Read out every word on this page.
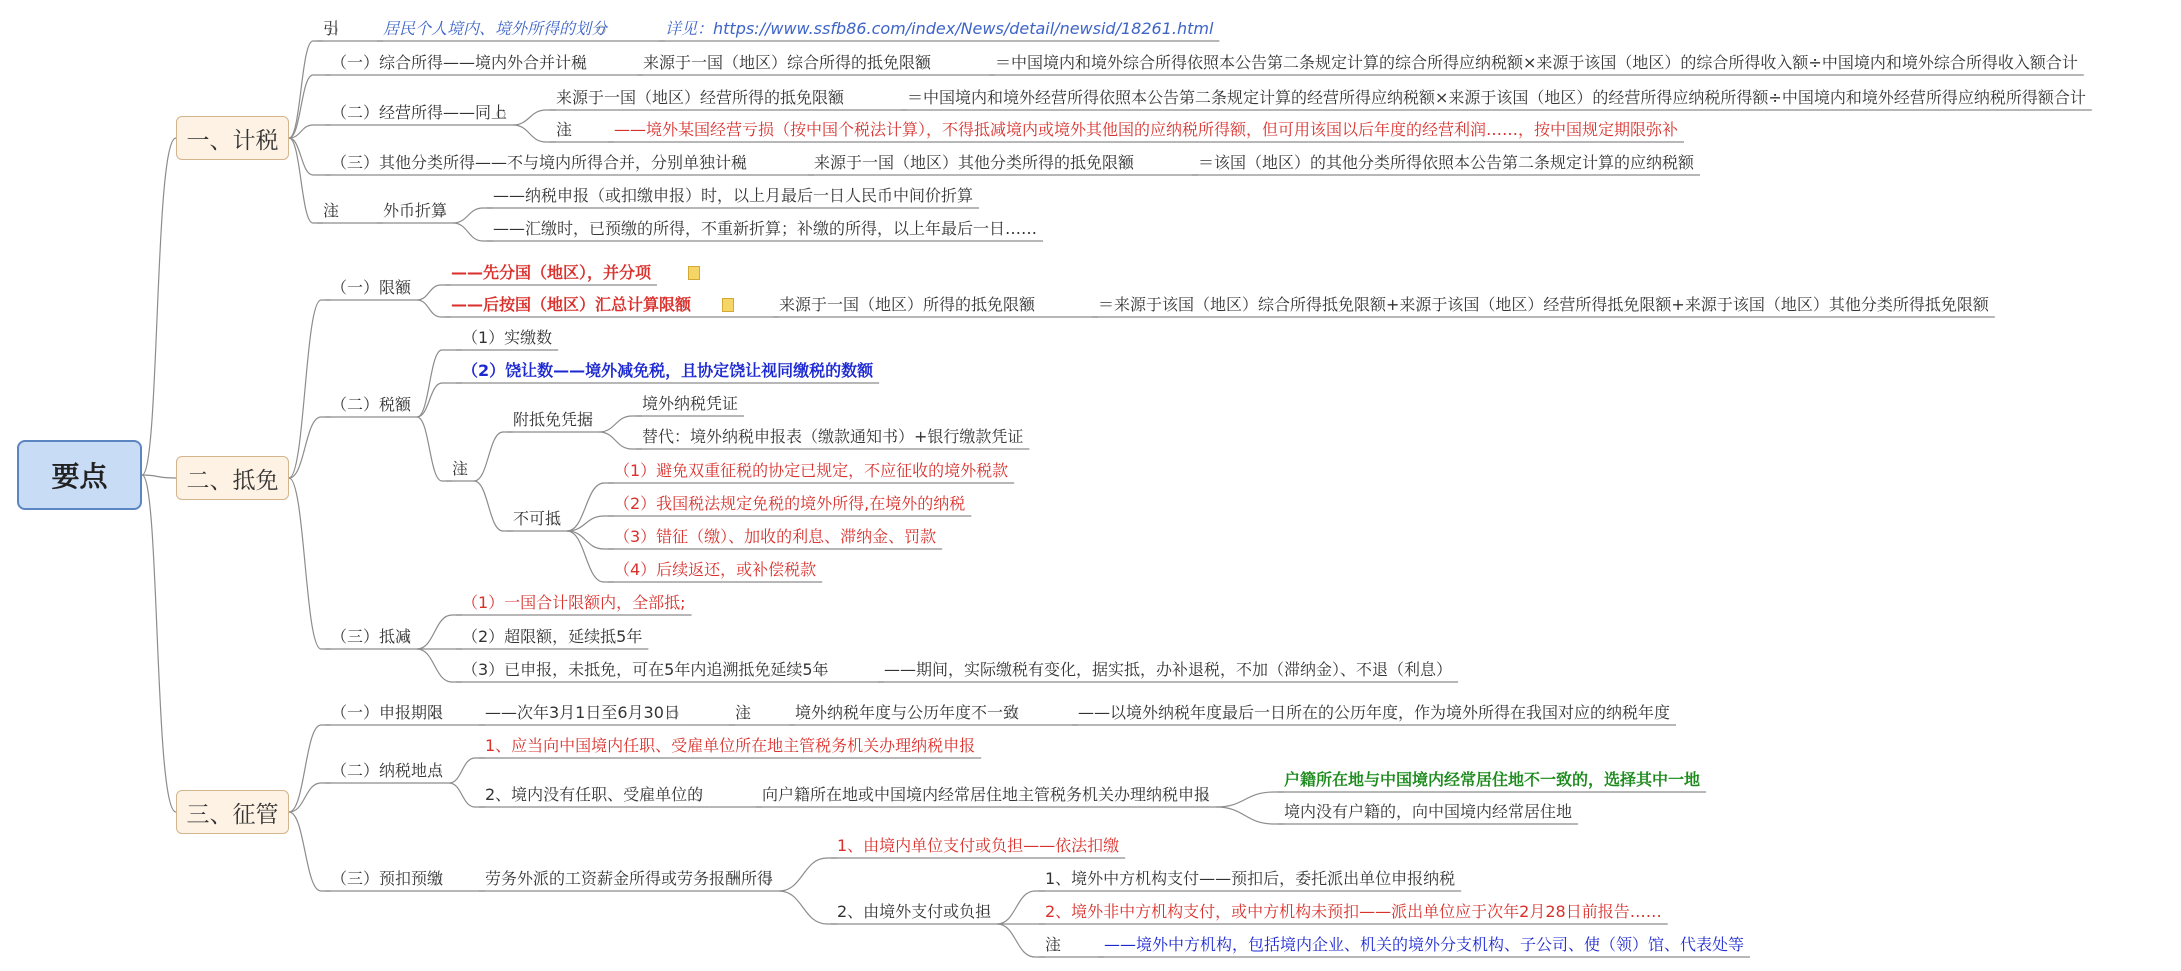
要点
一、计税
引	居民个人境内、境外所得的划分	详见：https://www.ssfb86.com/index/News/detail/newsid/18261.html
（一）综合所得——境内外合并计税	来源于一国（地区）综合所得的抵免限额	＝中国境内和境外综合所得依照本公告第二条规定计算的综合所得应纳税额×来源于该国（地区）的综合所得收入额÷中国境内和境外综合所得收入额合计
（二）经营所得——同上
来源于一国（地区）经营所得的抵免限额	＝中国境内和境外经营所得依照本公告第二条规定计算的经营所得应纳税额×来源于该国（地区）的经营所得应纳税所得额÷中国境内和境外经营所得应纳税所得额合计
注	——境外某国经营亏损（按中国个税法计算），不得抵减境内或境外其他国的应纳税所得额，但可用该国以后年度的经营利润……，按中国规定期限弥补
（三）其他分类所得——不与境内所得合并，分别单独计税	来源于一国（地区）其他分类所得的抵免限额	＝该国（地区）的其他分类所得依照本公告第二条规定计算的应纳税额
注	外币折算
——纳税申报（或扣缴申报）时，以上月最后一日人民币中间价折算
——汇缴时，已预缴的所得，不重新折算；补缴的所得，以上年最后一日……
二、抵免
（一）限额
——先分国（地区），并分项
——后按国（地区）汇总计算限额	来源于一国（地区）所得的抵免限额	＝来源于该国（地区）综合所得抵免限额+来源于该国（地区）经营所得抵免限额+来源于该国（地区）其他分类所得抵免限额
（二）税额
（1）实缴数
（2）饶让数——境外减免税，且协定饶让视同缴税的数额
注
附抵免凭据
境外纳税凭证
替代：境外纳税申报表（缴款通知书）+银行缴款凭证
不可抵
（1）避免双重征税的协定已规定，不应征收的境外税款
（2）我国税法规定免税的境外所得,在境外的纳税
（3）错征（缴）、加收的利息、滞纳金、罚款
（4）后续返还，或补偿税款
（三）抵减
（1）一国合计限额内，全部抵;
（2）超限额，延续抵5年
（3）已申报，未抵免，可在5年内追溯抵免延续5年	——期间，实际缴税有变化，据实抵，办补退税，不加（滞纳金）、不退（利息）
三、征管
（一）申报期限	——次年3月1日至6月30日	注	境外纳税年度与公历年度不一致	——以境外纳税年度最后一日所在的公历年度，作为境外所得在我国对应的纳税年度
（二）纳税地点
1、应当向中国境内任职、受雇单位所在地主管税务机关办理纳税申报
2、境内没有任职、受雇单位的	向户籍所在地或中国境内经常居住地主管税务机关办理纳税申报
户籍所在地与中国境内经常居住地不一致的，选择其中一地
境内没有户籍的，向中国境内经常居住地
（三）预扣预缴	劳务外派的工资薪金所得或劳务报酬所得
1、由境内单位支付或负担——依法扣缴
2、由境外支付或负担
1、境外中方机构支付——预扣后，委托派出单位申报纳税
2、境外非中方机构支付，或中方机构未预扣——派出单位应于次年2月28日前报告……
注	——境外中方机构，包括境内企业、机关的境外分支机构、子公司、使（领）馆、代表处等
